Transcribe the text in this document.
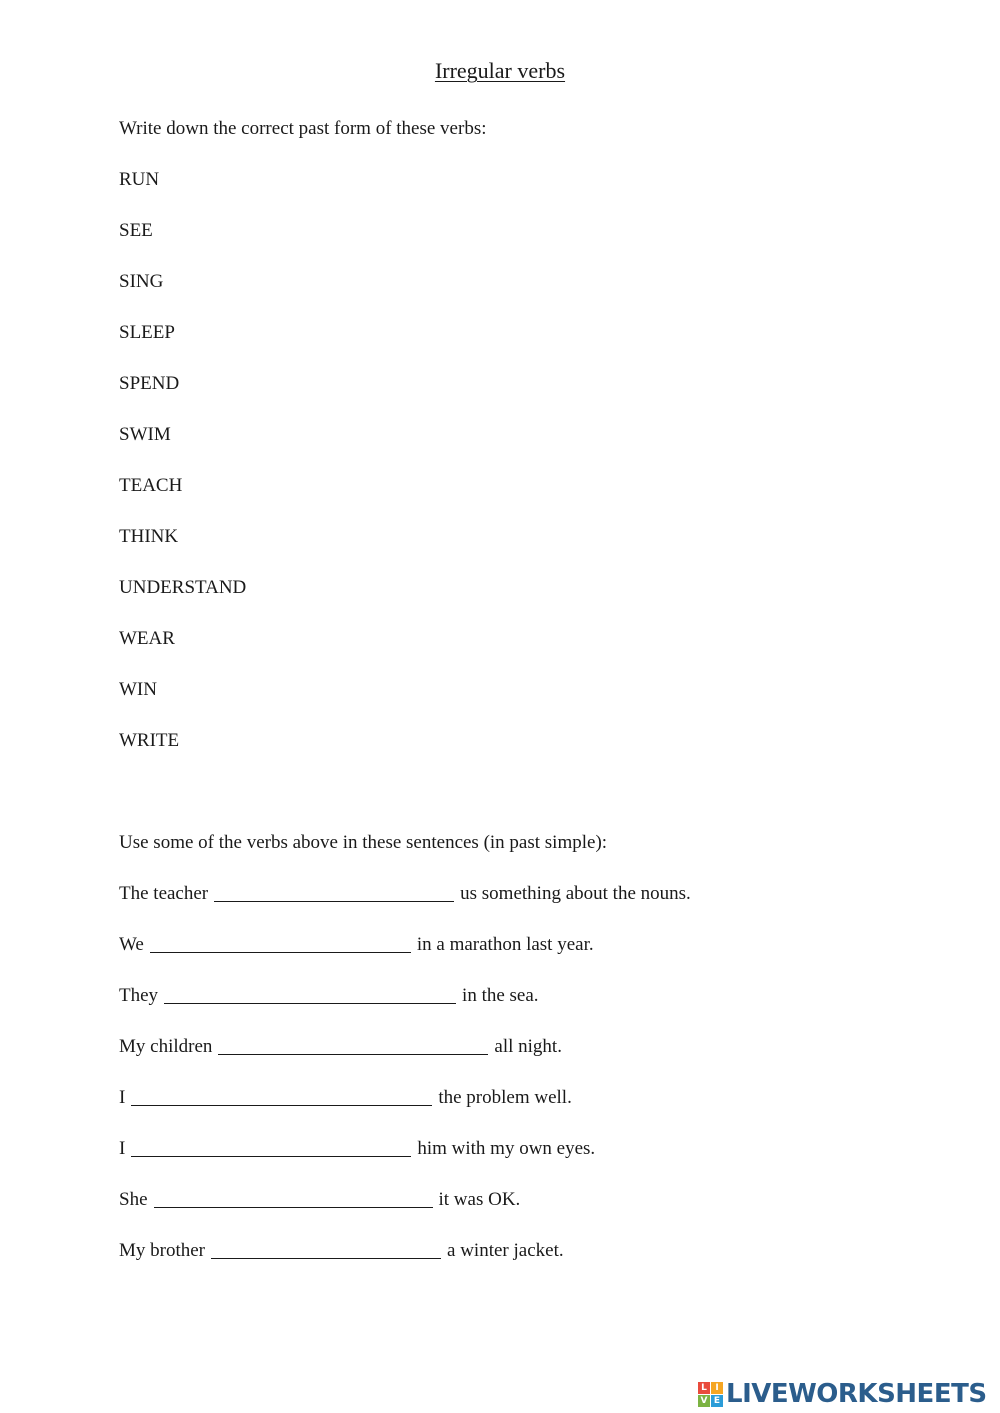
Irregular verbs
Write down the correct past form of these verbs:
RUN
SEE
SING
SLEEP
SPEND
SWIM
TEACH
THINK
UNDERSTAND
WEAR
WIN
WRITE
Use some of the verbs above in these sentences (in past simple):
The teacher	us something about the nouns.
We	in a marathon last year.
They	in the sea.
My children	all night.
I	the problem well.
I	him with my own eyes.
She	it was OK.
My brother	a winter jacket.
L I
V E LIVEWORKSHEETS
